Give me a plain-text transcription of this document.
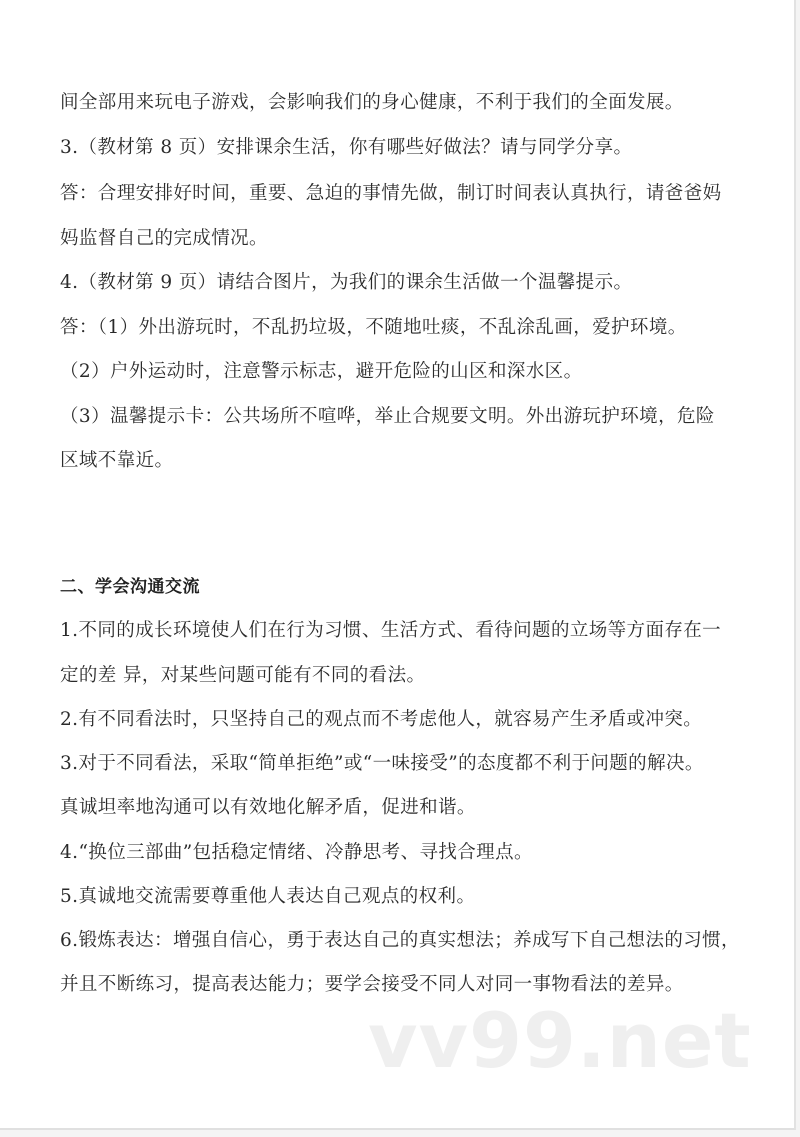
间全部用来玩电子游戏，会影响我们的身心健康，不利于我们的全面发展。
3.（教材第 8 页）安排课余生活，你有哪些好做法？请与同学分享。
答：合理安排好时间，重要、急迫的事情先做，制订时间表认真执行，请爸爸妈
妈监督自己的完成情况。
4.（教材第 9 页）请结合图片，为我们的课余生活做一个温馨提示。
答：（1）外出游玩时，不乱扔垃圾，不随地吐痰，不乱涂乱画，爱护环境。
（2）户外运动时，注意警示标志，避开危险的山区和深水区。
（3）温馨提示卡：公共场所不喧哗，举止合规要文明。外出游玩护环境，危险
区域不靠近。
二、学会沟通交流
1.不同的成长环境使人们在行为习惯、生活方式、看待问题的立场等方面存在一
定的差 异，对某些问题可能有不同的看法。
2.有不同看法时，只坚持自己的观点而不考虑他人，就容易产生矛盾或冲突。
3.对于不同看法，采取“简单拒绝”或“一味接受”的态度都不利于问题的解决。
真诚坦率地沟通可以有效地化解矛盾，促进和谐。
4.“换位三部曲”包括稳定情绪、冷静思考、寻找合理点。
5.真诚地交流需要尊重他人表达自己观点的权利。
6.锻炼表达：增强自信心，勇于表达自己的真实想法；养成写下自己想法的习惯，
并且不断练习，提高表达能力；要学会接受不同人对同一事物看法的差异。
vv99.net
